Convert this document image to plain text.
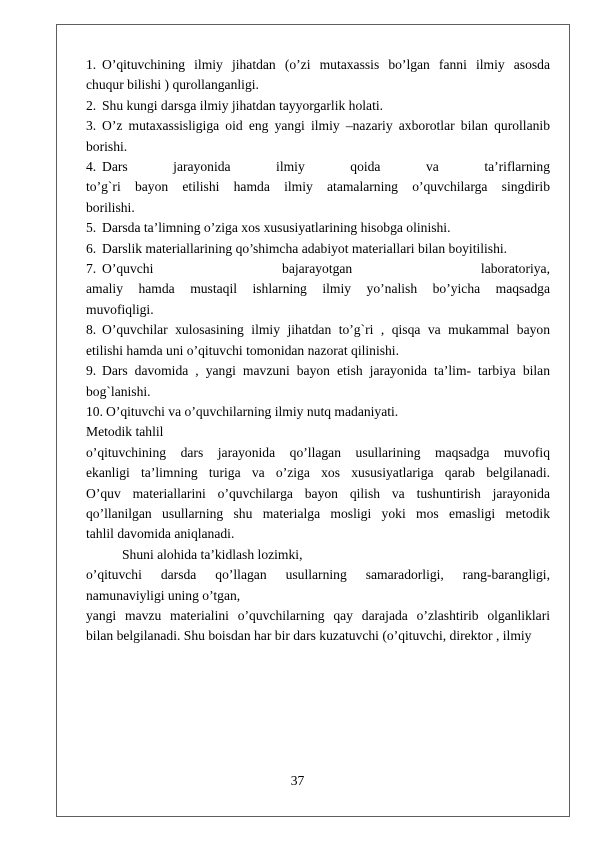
1. O’qituvchining ilmiy jihatdan (o’zi mutaxassis bo’lgan fanni ilmiy asosda

chuqur bilishi ) qurollanganligi.

2. Shu kungi darsga ilmiy jihatdan tayyorgarlik holati.

3. O’z mutaxassisligiga oid eng yangi ilmiy –nazariy axborotlar bilan qurollanib

borishi.

4. Dars jarayonida ilmiy qoida va ta’riflarning

to’g`ri bayon etilishi hamda ilmiy atamalarning o’quvchilarga singdirib

borilishi.

5. Darsda ta’limning o’ziga xos xususiyatlarining hisobga olinishi.

6. Darslik materiallarining qo’shimcha adabiyot materiallari bilan boyitilishi.

7. O’quvchi bajarayotgan laboratoriya,

amaliy hamda mustaqil ishlarning ilmiy yo’nalish bo’yicha maqsadga

muvofiqligi.

8. O’quvchilar xulosasining ilmiy jihatdan to’g`ri , qisqa va mukammal bayon

etilishi hamda uni o’qituvchi tomonidan nazorat qilinishi.

9. Dars davomida , yangi mavzuni bayon etish jarayonida ta’lim- tarbiya bilan

bog`lanishi.

10. O’qituvchi va o’quvchilarning ilmiy nutq madaniyati.

Metodik tahlil

o’qituvchining dars jarayonida qo’llagan usullarining maqsadga muvofiq

ekanligi ta’limning turiga va o’ziga xos xususiyatlariga qarab belgilanadi.

O’quv materiallarini o’quvchilarga bayon qilish va tushuntirish jarayonida

qo’llanilgan usullarning shu materialga mosligi yoki mos emasligi metodik

tahlil davomida aniqlanadi.

Shuni alohida ta’kidlash lozimki,

o’qituvchi darsda qo’llagan usullarning samaradorligi, rang-barangligi,

namunaviyligi uning o’tgan,

yangi mavzu materialini o’quvchilarning qay darajada o’zlashtirib olganliklari

bilan belgilanadi. Shu boisdan har bir dars kuzatuvchi (o’qituvchi, direktor , ilmiy

37
